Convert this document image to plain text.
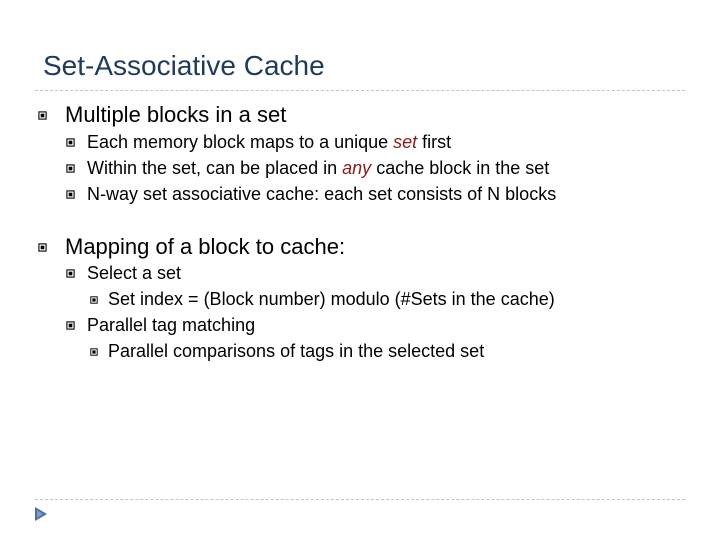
Set-Associative Cache
Multiple blocks in a set
Each memory block maps to a unique set first
Within the set, can be placed in any cache block in the set
N-way set associative cache: each set consists of N blocks
Mapping of a block to cache:
Select a set
Set index = (Block number) modulo (#Sets in the cache)
Parallel tag matching
Parallel comparisons of tags in the selected set
